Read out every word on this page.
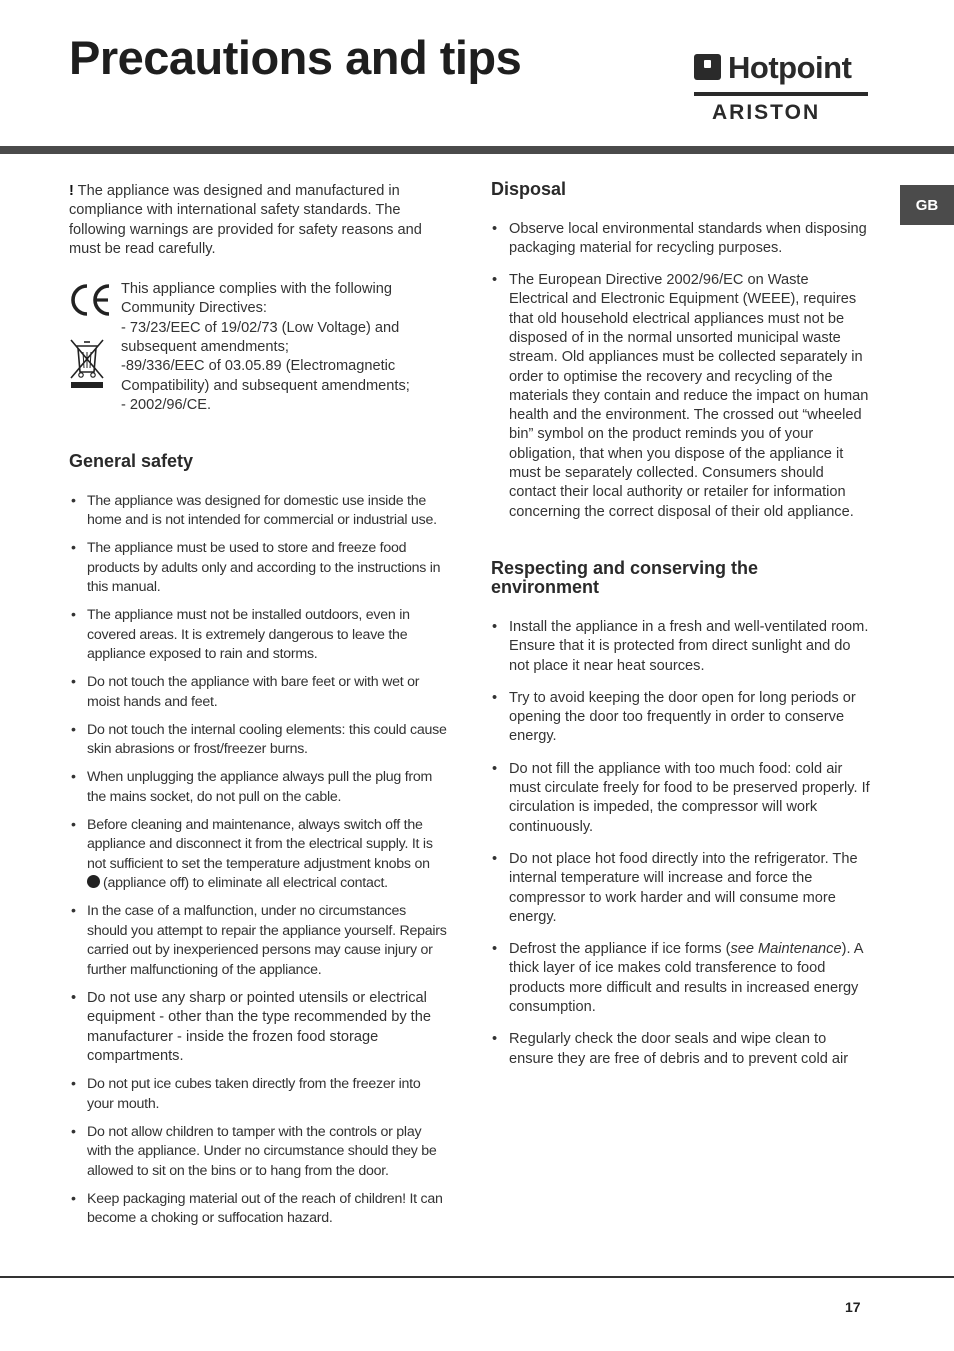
Precautions and tips	Hotpoint
ARISTON
GB

! The appliance was designed and manufactured in compliance with international safety standards. The following warnings are provided for safety reasons and must be read carefully.

This appliance complies with the following Community Directives:

- 73/23/EEC of 19/02/73 (Low Voltage) and subsequent amendments;

-89/336/EEC of 03.05.89 (Electromagnetic Compatibility) and subsequent amendments;

- 2002/96/CE.

General safety
• The appliance was designed for domestic use inside the home and is not intended for commercial or industrial use.
• The appliance must be used to store and freeze food products by adults only and according to the instructions in this manual.
• The appliance must not be installed outdoors, even in covered areas. It is extremely dangerous to leave the appliance exposed to rain and storms.
• Do not touch the appliance with bare feet or with wet or moist hands and feet.
• Do not touch the internal cooling elements: this could cause skin abrasions or frost/freezer burns.
• When unplugging the appliance always pull the plug from the mains socket, do not pull on the cable.
• Before cleaning and maintenance, always switch off the appliance and disconnect it from the electrical supply. It is not sufficient to set the temperature adjustment knobs on (appliance off) to eliminate all electrical contact.
• In the case of a malfunction, under no circumstances should you attempt to repair the appliance yourself. Repairs carried out by inexperienced persons may cause injury or further malfunctioning of the appliance.
• Do not use any sharp or pointed utensils or electrical equipment - other than the type recommended by the manufacturer - inside the frozen food storage compartments.
• Do not put ice cubes taken directly from the freezer into your mouth.
• Do not allow children to tamper with the controls or play with the appliance. Under no circumstance should they be allowed to sit on the bins or to hang from the door.
• Keep packaging material out of the reach of children! It can become a choking or suffocation hazard.
Disposal
• Observe local environmental standards when disposing packaging material for recycling purposes.
• The European Directive 2002/96/EC on Waste Electrical and Electronic Equipment (WEEE), requires that old household electrical appliances must not be disposed of in the normal unsorted municipal waste stream. Old appliances must be collected separately in order to optimise the recovery and recycling of the materials they contain and reduce the impact on human health and the environment. The crossed out “wheeled bin” symbol on the product reminds you of your obligation, that when you dispose of the appliance it must be separately collected. Consumers should contact their local authority or retailer for information concerning the correct disposal of their old appliance.
Respecting and conserving the environment
• Install the appliance in a fresh and well-ventilated room. Ensure that it is protected from direct sunlight and do not place it near heat sources.
• Try to avoid keeping the door open for long periods or opening the door too frequently in order to conserve energy.
• Do not fill the appliance with too much food: cold air must circulate freely for food to be preserved properly. If circulation is impeded, the compressor will work continuously.
• Do not place hot food directly into the refrigerator. The internal temperature will increase and force the compressor to work harder and will consume more energy.
• Defrost the appliance if ice forms (see Maintenance). A thick layer of ice makes cold transference to food products more difficult and results in increased energy consumption.
• Regularly check the door seals and wipe clean to ensure they are free of debris and to prevent cold air
17
